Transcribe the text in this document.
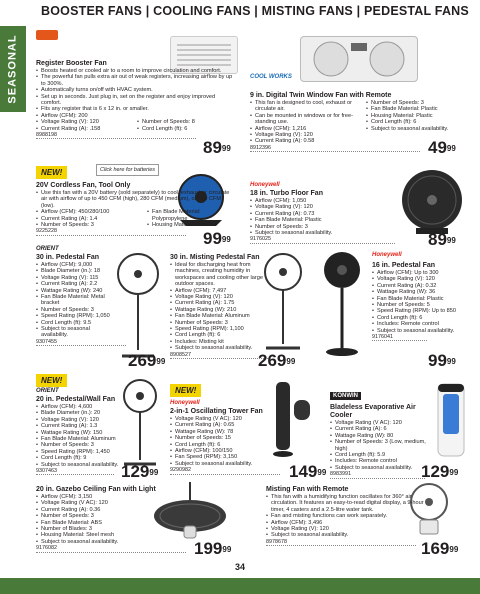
BOOSTER FANS | COOLING FANS | MISTING FANS | PEDESTAL FANS
SEASONAL Register Booster Fan
• Boosts heated or cooled air to a room to improve circulation and comfort.
• The powerful fan pulls extra air out of weak registers, increasing airflow by up to 300%.
• Automatically turns on/off with HVAC system.
• Set up in seconds. Just plug in, set on the register and enjoy improved comfort.
• Fits any register that is 6 x 12 in. or smaller.
• Airflow (CFM): 200
• Voltage Rating (V): 120
• Current Rating (A): .158
• Number of Speeds: 8
• Cord Length (ft): 6
8988198
$89^{99}$
COOL WORKS
9 in. Digital Twin Window Fan with Remote
• This fan is designed to cool, exhaust or circulate air.
• Can be mounted in windows or for free-standing use.
• Airflow (CFM): 1,216
• Voltage Rating (V): 120
• Current Rating (A): 0.58
• Number of Speeds: 3
• Fan Blade Material: Plastic
• Housing Material: Plastic
• Cord Length (ft): 6
• Subject to seasonal availability.
8912396	$49^{99}$
NEW!	Click here for batteries
20V Cordless Fan, Tool Only
• Use this fan with a 20V battery (sold separately) to cool, exhaust or circulate air with airflow of up to 450 CFM (high), 280 CFM (medium), or 100 CFM (low).
• Airflow (CFM): 450/280/100
• Current Rating (A): 1.4
• Number of Speeds: 3
• Fan Blade Material: Polypropylene
• Housing Material: ABS
9225228	$99^{99}$
Honeywell
18 in. Turbo Floor Fan
• Airflow (CFM): 1,050
• Voltage Rating (V): 120
• Current Rating (A): 0.73
• Fan Blade Material: Plastic
• Number of Speeds: 3
• Subject to seasonal availability.
9176025	$89^{99}$
ORIENT
30 in. Pedestal Fan
• Airflow (CFM): 9,000
• Blade Diameter (in.): 18
• Voltage Rating (V): 115
• Current Rating (A): 2.2
• Wattage Rating (W): 240
• Fan Blade Material: Metal bracket
• Number of Speeds: 3
• Speed Rating (RPM): 1,050
• Cord Length (ft): 9.5
• Subject to seasonal availability.
9307455
$269^{99}$
30 in. Misting Pedestal Fan
• Ideal for discharging heat from machines, creating humidity in workspaces and cooling other large outdoor spaces.
• Airflow (CFM): 7,497
• Voltage Rating (V): 120
• Current Rating (A): 1.75
• Wattage Rating (W): 210
• Fan Blade Material: Aluminum
• Number of Speeds: 3
• Speed Rating (RPM): 1,100
• Cord Length (ft): 6
• Includes: Misting kit
• Subject to seasonal availability.
8908527	$269^{99}$
Honeywell
16 in. Pedestal Fan
• Airflow (CFM): Up to 300
• Voltage Rating (V): 120
• Current Rating (A): 0.32
• Wattage Rating (W): 36
• Fan Blade Material: Plastic
• Number of Speeds: 5
• Speed Rating (RPM): Up to 850
• Cord Length (ft): 6
• Includes: Remote control
• Subject to seasonal availability.
9176041
$99^{99}$
NEW!
ORIENT
20 in. Pedestal/Wall Fan
• Airflow (CFM): 4,600
• Blade Diameter (in.): 20
• Voltage Rating (V): 120
• Current Rating (A): 1.3
• Wattage Rating (W): 150
• Fan Blade Material: Aluminum
• Number of Speeds: 3
• Speed Rating (RPM): 1,450
• Cord Length (ft): 9
• Subject to seasonal availability.
9307463	$129^{99}$
NEW!
Honeywell
2-in-1 Oscillating Tower Fan
• Voltage Rating (V AC): 120
• Current Rating (A): 0.65
• Wattage Rating (W): 78
• Number of Speeds: 15
• Cord Length (ft): 6
• Airflow (CFM): 100/150
• Fan Speed (RPM): 3,150
• Subject to seasonal availability.
9290982	$149^{99}$
KONWIN
Bladeless Evaporative Air Cooler
• Voltage Rating (V AC): 120
• Current Rating (A): 6
• Wattage Rating (W): 80
• Number of Speeds: 3 (Low, medium, high)
• Cord Length (ft): 5.9
• Includes: Remote control
• Subject to seasonal availability.
8983991	$129^{99}$
20 in. Gazebo Ceiling Fan with Light
• Airflow (CFM): 3,150
• Voltage Rating (V AC): 120
• Current Rating (A): 0.36
• Number of Speeds: 3
• Fan Blade Material: ABS
• Number of Blades: 3
• Housing Material: Steel mesh
• Subject to seasonal availability.
9176082	$199^{99}$
Misting Fan with Remote
• This fan with a humidifying function oscillates for 360° air circulation. It features an easy-to-read digital display, a 9-hour timer, 4 casters and a 2.5-litre water tank.
• Fan and misting functions can work separately.
• Airflow (CFM): 3,496
• Voltage Rating (V): 120
• Subject to seasonal availability.
8978678	$169^{99}$
34
